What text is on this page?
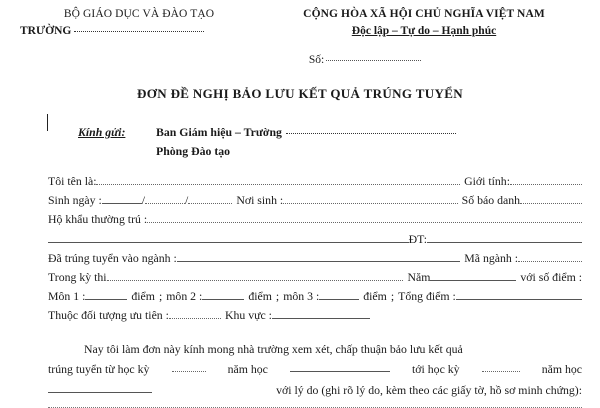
BỘ GIÁO DỤC VÀ ĐÀO TẠO
TRƯỜNG
CỘNG HÒA XÃ HỘI CHỦ NGHĨA VIỆT NAM
Độc lập – Tự do – Hạnh phúc
Số:
ĐƠN ĐỀ NGHỊ BẢO LƯU KẾT QUẢ TRÚNG TUYỂN
Kính gửi:	Ban Giám hiệu – Trường
Phòng Đào tạo
Tôi tên là:	Giới tính:
Sinh ngày :	/	/	Nơi sinh :	Số báo danh
Hộ khẩu thường trú :
ĐT:
Đã trúng tuyển vào ngành :	Mã ngành :
Trong kỳ thi	Năm	với số điểm :
Môn 1 :	điểm ; môn 2 :	điểm ; môn 3 :	điểm ; Tổng điểm :
Thuộc đối tượng ưu tiên :	Khu vực :
Nay tôi làm đơn này kính mong nhà trường xem xét, chấp thuận bảo lưu kết quả
trúng tuyển từ học kỳ	năm học	tới học kỳ	năm học
với lý do (ghi rõ lý do, kèm theo các giấy tờ, hồ sơ minh chứng):
